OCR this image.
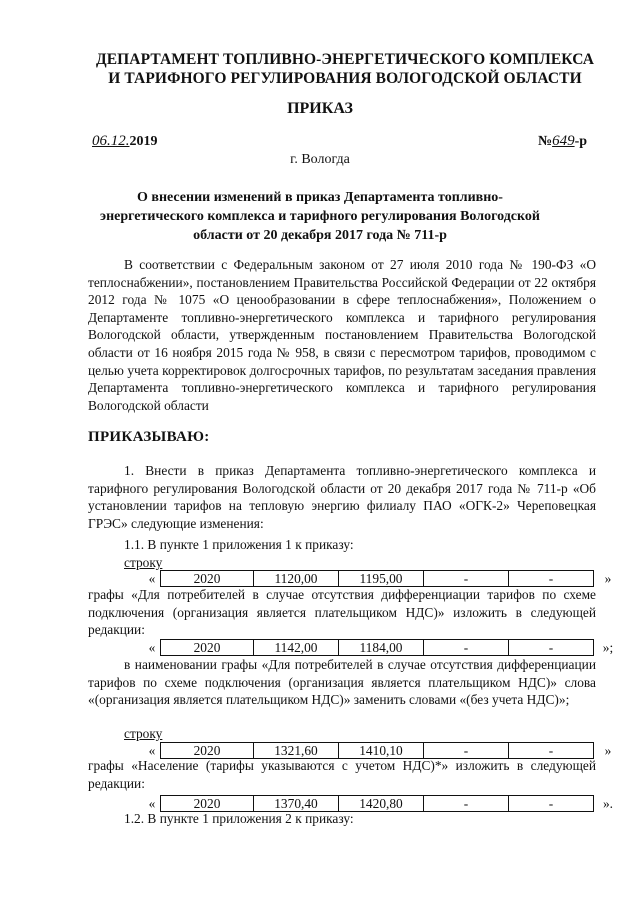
ДЕПАРТАМЕНТ ТОПЛИВНО-ЭНЕРГЕТИЧЕСКОГО КОМПЛЕКСА
И ТАРИФНОГО РЕГУЛИРОВАНИЯ ВОЛОГОДСКОЙ ОБЛАСТИ
ПРИКАЗ
06.12.2019	№649-р
г. Вологда
О внесении изменений в приказ Департамента топливно-
энергетического комплекса и тарифного регулирования Вологодской
области от 20 декабря 2017 года № 711-р
В соответствии с Федеральным законом от 27 июля 2010 года № 190-ФЗ «О теплоснабжении», постановлением Правительства Российской Федерации от 22 октября 2012 года № 1075 «О ценообразовании в сфере теплоснабжения», Положением о Департаменте топливно-энергетического комплекса и тарифного регулирования Вологодской области, утвержденным постановлением Правительства Вологодской области от 16 ноября 2015 года № 958, в связи с пересмотром тарифов, проводимом с целью учета корректировок долгосрочных тарифов, по результатам заседания правления Департамента топливно-энергетического комплекса и тарифного регулирования Вологодской области
ПРИКАЗЫВАЮ:
1. Внести в приказ Департамента топливно-энергетического комплекса и тарифного регулирования Вологодской области от 20 декабря 2017 года № 711-р «Об установлении тарифов на тепловую энергию филиалу ПАО «ОГК-2» Череповецкая ГРЭС» следующие изменения:
1.1. В пункте 1 приложения 1 к приказу:
строку
«	2020	1120,00	1195,00	-	-	»
графы «Для потребителей в случае отсутствия дифференциации тарифов по схеме подключения (организация является плательщиком НДС)» изложить в следующей редакции:
«	2020	1142,00	1184,00	-	-	»;
в наименовании графы «Для потребителей в случае отсутствия дифференциации тарифов по схеме подключения (организация является плательщиком НДС)» слова «(организация является плательщиком НДС)» заменить словами «(без учета НДС)»;
строку
«	2020	1321,60	1410,10	-	-	»
графы «Население (тарифы указываются с учетом НДС)*» изложить в следующей редакции:
«	2020	1370,40	1420,80	-	-	».
1.2. В пункте 1 приложения 2 к приказу:
